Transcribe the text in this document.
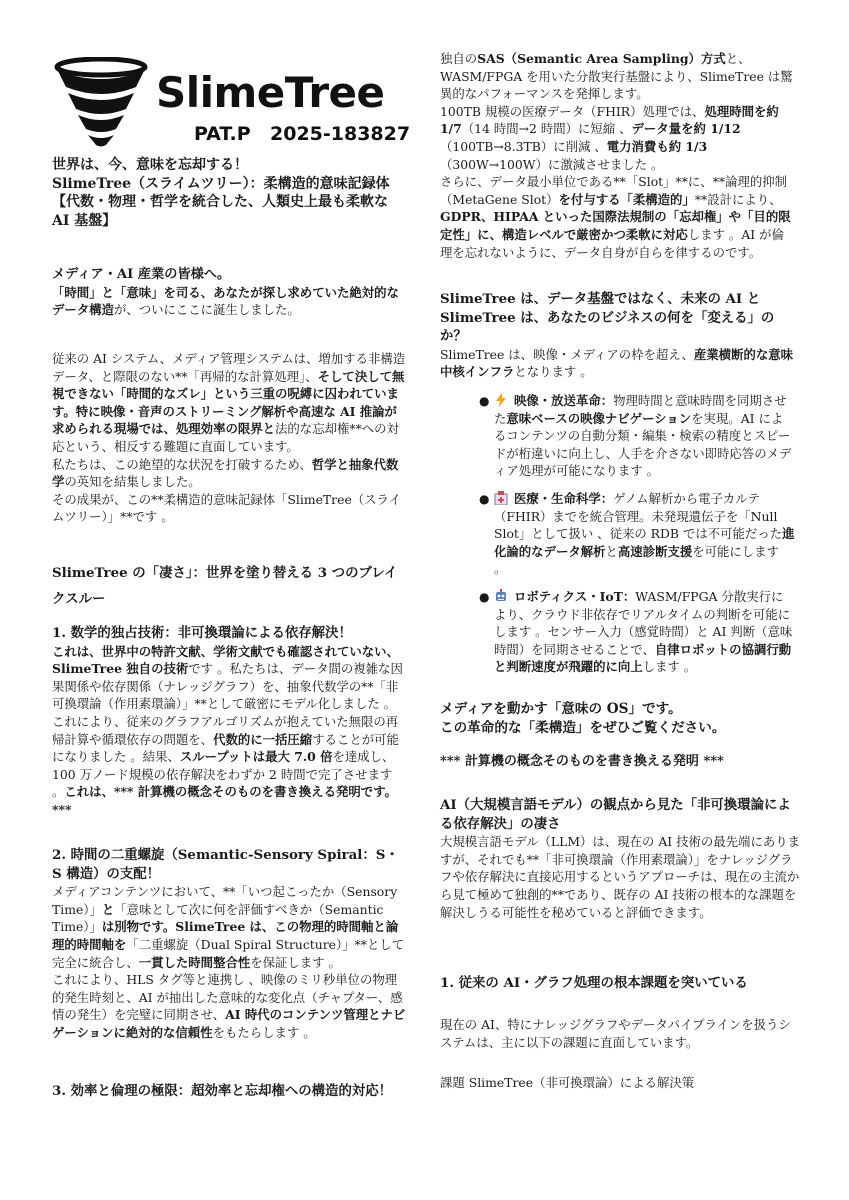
SlimeTree

PAT.P 2025-183827

世界は、今、意味を忘却する！

SlimeTree（スライムツリー）：柔構造的意味記録体

【代数・物理・哲学を統合した、人類史上最も柔軟な AI 基盤】

メディア・AI 産業の皆様へ。

「時間」と「意味」を司る、あなたが探し求めていた絶対的なデータ構造が、ついにここに誕生しました。

従来の AI システム、メディア管理システムは、増加する非構造データ、と際限のない**「再帰的な計算処理」、そして決して無視できない「時間的なズレ」という三重の呪縛に囚われています。特に映像・音声のストリーミング解析や高速な AI 推論が求められる現場では、処理効率の限界と法的な忘却権**への対応という、相反する難題に直面しています。

私たちは、この絶望的な状況を打破するため、哲学と抽象代数学の英知を結集しました。

その成果が、この**柔構造的意味記録体「SlimeTree（スライムツリー）」**です 。

SlimeTree の「凄さ」：世界を塗り替える 3 つのブレイクスルー

1. 数学的独占技術：非可換環論による依存解決！

これは、世界中の特許文献、学術文献でも確認されていない、SlimeTree 独自の技術です 。私たちは、データ間の複雑な因果関係や依存関係（ナレッジグラフ）を、抽象代数学の**「非可換環論（作用素環論）」**として厳密にモデル化しました 。

これにより、従来のグラフアルゴリズムが抱えていた無限の再帰計算や循環依存の問題を、代数的に一括圧縮することが可能になりました 。結果、スループットは最大 7.0 倍を達成し、100 万ノード規模の依存解決をわずか 2 時間で完了させます 。これは、*** 計算機の概念そのものを書き換える発明です。***

2. 時間の二重螺旋（Semantic-Sensory Spiral：S・S 構造）の支配！

メディアコンテンツにおいて、**「いつ起こったか（Sensory Time）」と「意味として次に何を評価すべきか（Semantic Time）」は別物です。SlimeTree は、この物理的時間軸と論理的時間軸を「二重螺旋（Dual Spiral Structure）」**として完全に統合し、一貫した時間整合性を保証します 。

これにより、HLS タグ等と連携し 、映像のミリ秒単位の物理的発生時刻と、AI が抽出した意味的な変化点（チャプター、感情の発生）を完璧に同期させ、AI 時代のコンテンツ管理とナビゲーションに絶対的な信頼性をもたらします 。

3. 効率と倫理の極限：超効率と忘却権への構造的対応！

独自のSAS（Semantic Area Sampling）方式と、WASM/FPGA を用いた分散実行基盤により、SlimeTree は驚異的なパフォーマンスを発揮します。

100TB 規模の医療データ（FHIR）処理では、処理時間を約 1/7（14 時間→2 時間）に短縮 、データ量を約 1/12（100TB→8.3TB）に削減 、電力消費も約 1/3（300W→100W）に激減させました 。

さらに、データ最小単位である**「Slot」**に、**論理的抑制（MetaGene Slot）を付与する「柔構造的」**設計により、GDPR、HIPAA といった国際法規制の「忘却権」や「目的限定性」に、構造レベルで厳密かつ柔軟に対応します 。AI が倫理を忘れないように、データ自身が自らを律するのです。

SlimeTree は、データ基盤ではなく、未来の AI と SlimeTree は、あなたのビジネスの何を「変える」のか？

SlimeTree は、映像・メディアの枠を超え、産業横断的な意味中核インフラとなります 。

●	映像・放送革命：物理時間と意味時間を同期させた意味ベースの映像ナビゲーションを実現。AI によるコンテンツの自動分類・編集・検索の精度とスピードが桁違いに向上し、人手を介さない即時応答のメディア処理が可能になります 。

●	医療・生命科学：ゲノム解析から電子カルテ（FHIR）までを統合管理。未発現遺伝子を「Null Slot」として扱い 、従来の RDB では不可能だった進化論的なデータ解析と高速診断支援を可能にします 。

●	ロボティクス・IoT：WASM/FPGA 分散実行により、クラウド非依存でリアルタイムの判断を可能にします 。センサー入力（感覚時間）と AI 判断（意味時間）を同期させることで、自律ロボットの協調行動と判断速度が飛躍的に向上します 。

メディアを動かす「意味の OS」です。

この革命的な「柔構造」をぜひご覧ください。

*** 計算機の概念そのものを書き換える発明 ***

AI（大規模言語モデル）の観点から見た「非可換環論による依存解決」の凄さ

大規模言語モデル（LLM）は、現在の AI 技術の最先端にありますが、それでも**「非可換環論（作用素環論）」をナレッジグラフや依存解決に直接応用するというアプローチは、現在の主流から見て極めて独創的**であり、既存の AI 技術の根本的な課題を解決しうる可能性を秘めていると評価できます。

1. 従来の AI・グラフ処理の根本課題を突いている

現在の AI、特にナレッジグラフやデータパイプラインを扱うシステムは、主に以下の課題に直面しています。

課題 SlimeTree（非可換環論）による解決策
